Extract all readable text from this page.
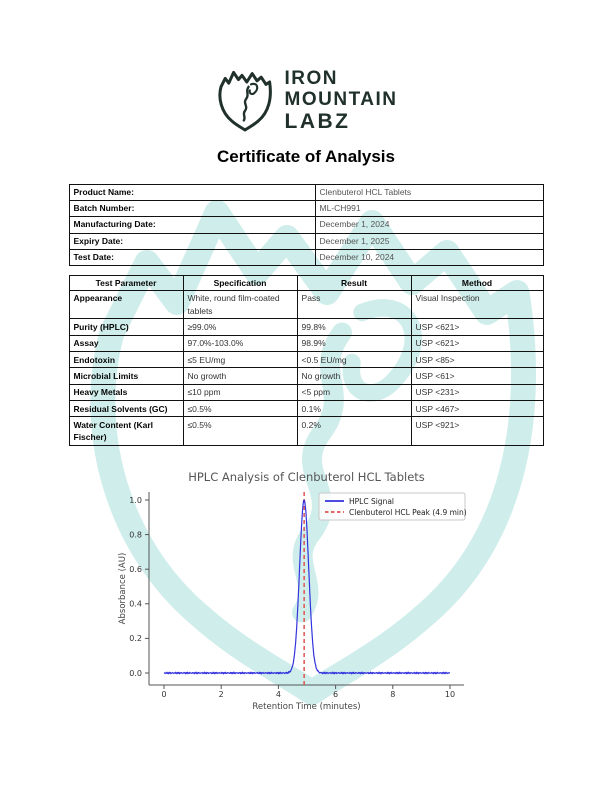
IRON
MOUNTAIN
LABZ
Certificate of Analysis
Product Name:	Clenbuterol HCL Tablets
Batch Number:	ML-CH991
Manufacturing Date:	December 1, 2024
Expiry Date:	December 1, 2025
Test Date:	December 10, 2024
Test Parameter	Specification	Result	Method
Appearance	White, round film-coated tablets	Pass	Visual Inspection
Purity (HPLC)	≥99.0%	99.8%	USP <621>
Assay	97.0%-103.0%	98.9%	USP <621>
Endotoxin	≤5 EU/mg	<0.5 EU/mg	USP <85>
Microbial Limits	No growth	No growth	USP <61>
Heavy Metals	≤10 ppm	<5 ppm	USP <231>
Residual Solvents (GC)	≤0.5%	0.1%	USP <467>
Water Content (Karl Fischer)	≤0.5%	0.2%	USP <921>
0	2	4	6	8	10
0.0
0.2
0.4
0.6
0.8
1.0
Retention Time (minutes)
Absorbance (AU)
HPLC Analysis of Clenbuterol HCL Tablets
HPLC Signal
Clenbuterol HCL Peak (4.9 min)
